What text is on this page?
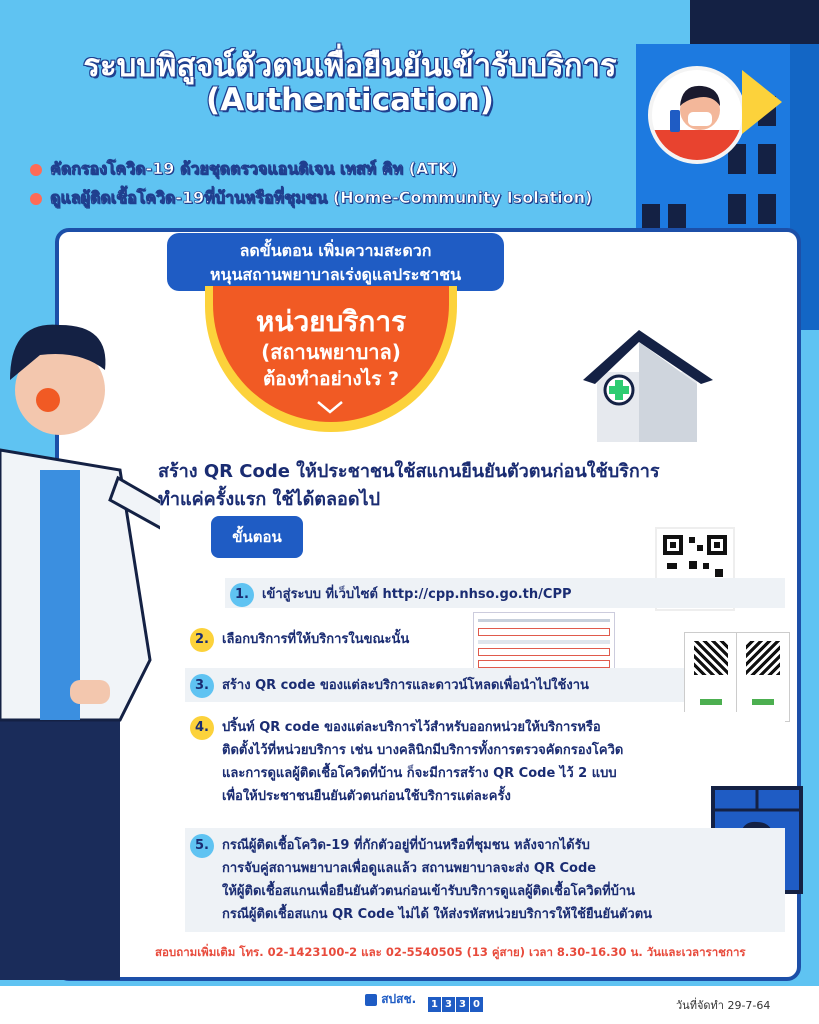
ระบบพิสูจน์ตัวตนเพื่อยืนยันเข้ารับบริการ
(Authentication)
คัดกรองโควิด-19 ด้วยชุดตรวจแอนติเจน เทสท์ คิท (ATK)
ดูแลผู้ติดเชื้อโควิด-19ที่บ้านหรือที่ชุมชน (Home-Community Isolation)
ลดขั้นตอน เพิ่มความสะดวก
หนุนสถานพยาบาลเร่งดูแลประชาชน
หน่วยบริการ
(สถานพยาบาล)
ต้องทำอย่างไร ?
สร้าง QR Code ให้ประชาชนใช้สแกนยืนยันตัวตนก่อนใช้บริการ
ทำแค่ครั้งแรก ใช้ได้ตลอดไป
ขั้นตอน
1.	เข้าสู่ระบบ ที่เว็บไซต์ http://cpp.nhso.go.th/CPP
2.	เลือกบริการที่ให้บริการในขณะนั้น
3.	สร้าง QR code ของแต่ละบริการและดาวน์โหลดเพื่อนำไปใช้งาน
4.	ปริ้นท์ QR code ของแต่ละบริการไว้สำหรับออกหน่วยให้บริการหรือ
ติดตั้งไว้ที่หน่วยบริการ เช่น บางคลินิกมีบริการทั้งการตรวจคัดกรองโควิด
และการดูแลผู้ติดเชื้อโควิดที่บ้าน ก็จะมีการสร้าง QR Code ไว้ 2 แบบ
เพื่อให้ประชาชนยืนยันตัวตนก่อนใช้บริการแต่ละครั้ง
5.	กรณีผู้ติดเชื้อโควิด-19 ที่กักตัวอยู่ที่บ้านหรือที่ชุมชน หลังจากได้รับ
การจับคู่สถานพยาบาลเพื่อดูแลแล้ว สถานพยาบาลจะส่ง QR Code
ให้ผู้ติดเชื้อสแกนเพื่อยืนยันตัวตนก่อนเข้ารับบริการดูแลผู้ติดเชื้อโควิดที่บ้าน
กรณีผู้ติดเชื้อสแกน QR Code ไม่ได้ ให้ส่งรหัสหน่วยบริการให้ใช้ยืนยันตัวตน
สอบถามเพิ่มเติม โทร. 02-1423100-2 และ 02-5540505 (13 คู่สาย) เวลา 8.30-16.30 น. วันและเวลาราชการ
สปสช.	1 3 3 0	วันที่จัดทำ 29-7-64
